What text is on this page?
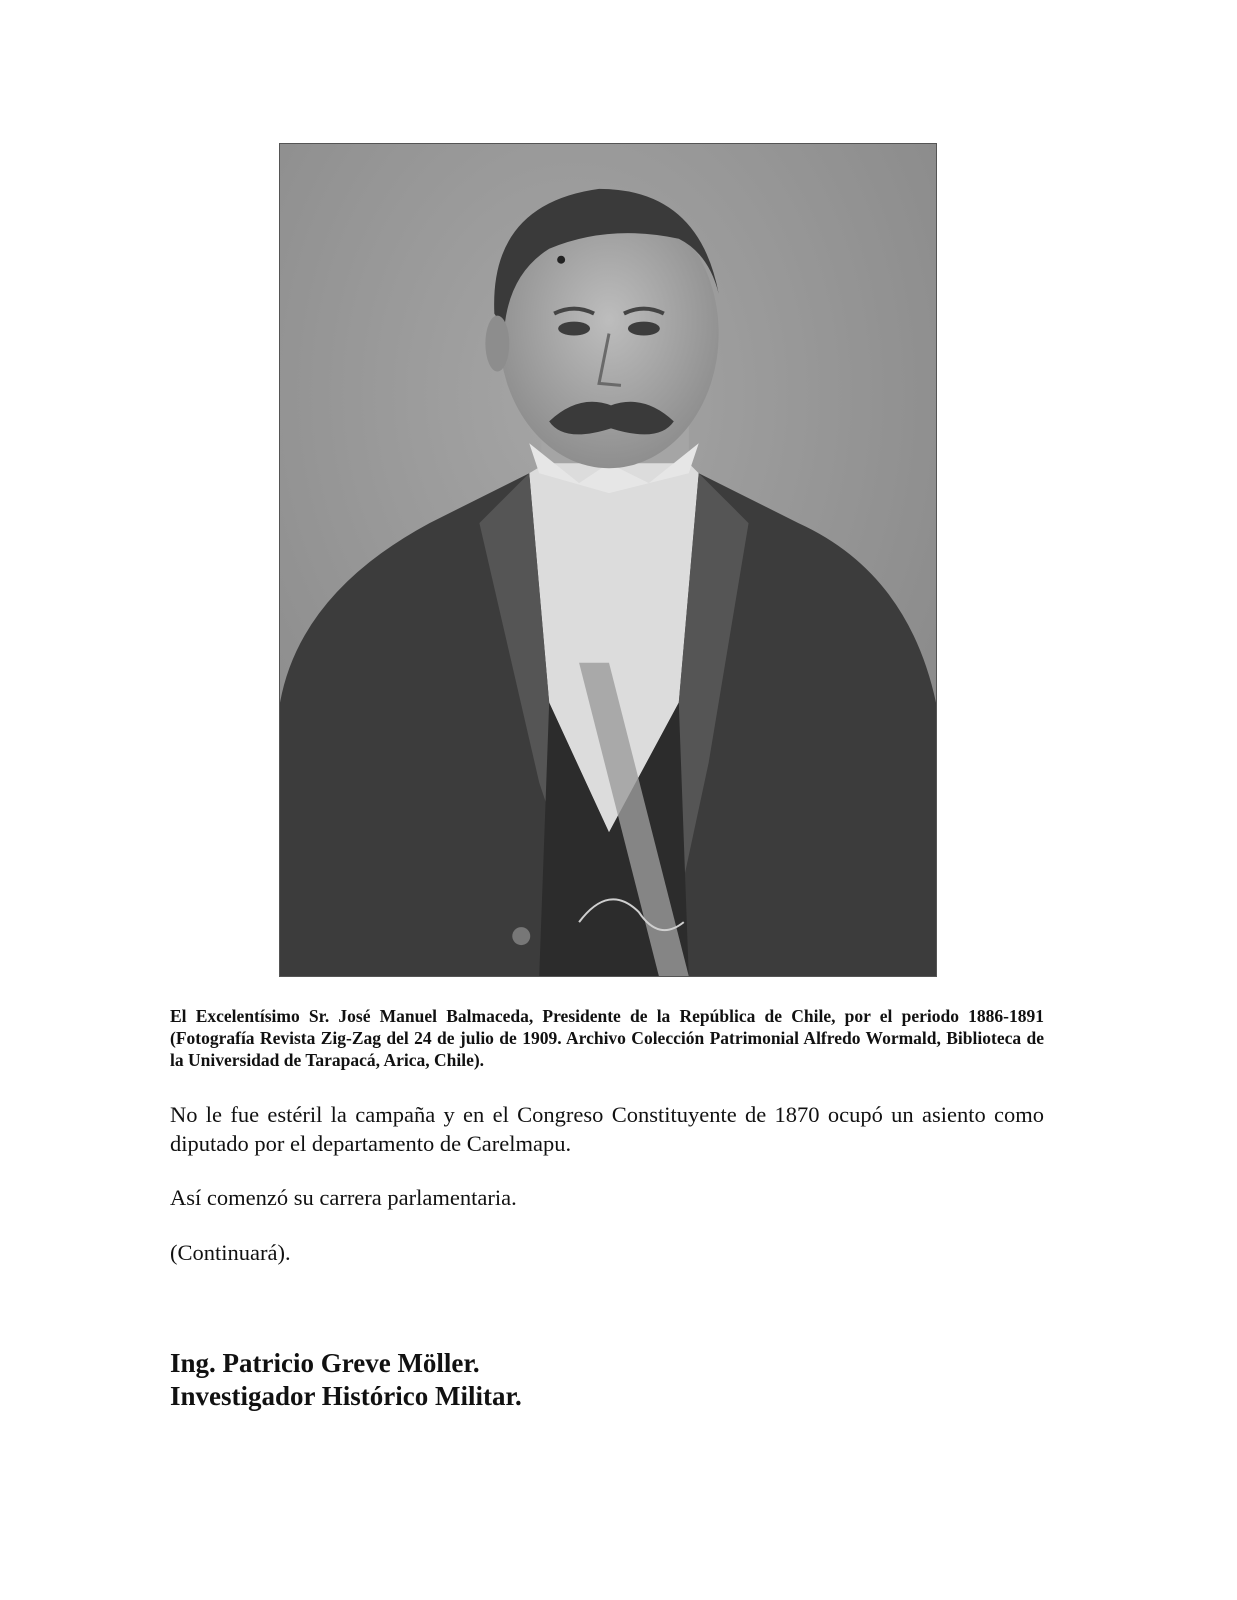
El Excelentísimo Sr. José Manuel Balmaceda, Presidente de la República de Chile, por el periodo 1886-1891 (Fotografía Revista Zig-Zag del 24 de julio de 1909. Archivo Colección Patrimonial Alfredo Wormald, Biblioteca de la Universidad de Tarapacá, Arica, Chile).

No le fue estéril la campaña y en el Congreso Constituyente de 1870 ocupó un asiento como diputado por el departamento de Carelmapu.

Así comenzó su carrera parlamentaria.

(Continuará).

Ing. Patricio Greve Möller.

Investigador Histórico Militar.
